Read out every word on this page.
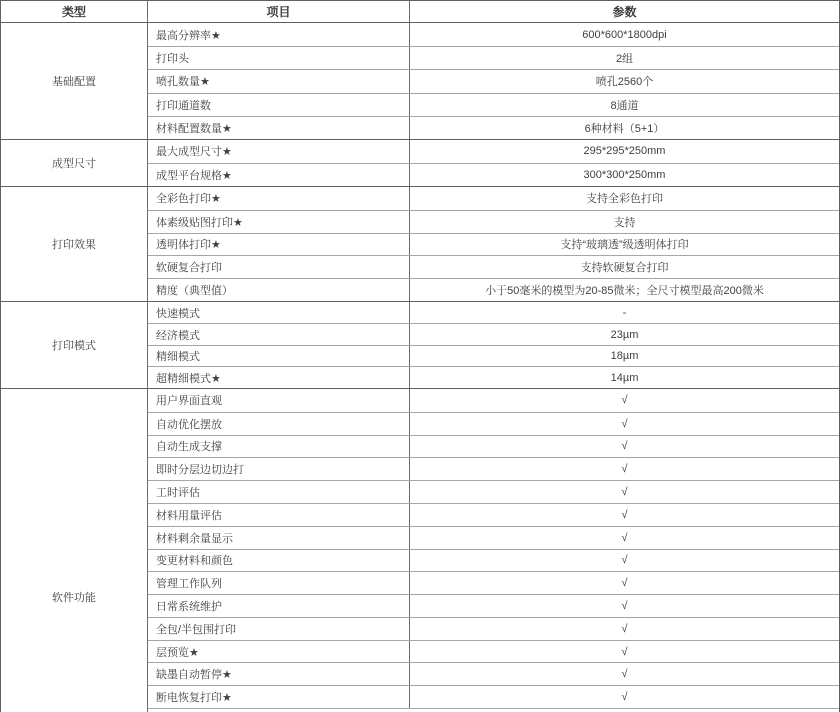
类型	项目	参数
基础配置
最高分辨率★	600*600*1800dpi
打印头	2组
喷孔数量★	喷孔2560个
打印通道数	8通道
材料配置数量★	6种材料（5+1）
成型尺寸
最大成型尺寸★	295*295*250mm
成型平台规格★	300*300*250mm
打印效果
全彩色打印★	支持全彩色打印
体素级贴图打印★	支持
透明体打印★	支持“玻璃透”级透明体打印
软硬复合打印	支持软硬复合打印
精度（典型值）	小于50毫米的模型为20-85微米；全尺寸模型最高200微米
打印模式
快速模式	-
经济模式	23µm
精细模式	18µm
超精细模式★	14µm
软件功能
用户界面直观	√
自动优化摆放	√
自动生成支撑	√
即时分层边切边打	√
工时评估	√
材料用量评估	√
材料剩余量显示	√
变更材料和颜色	√
管理工作队列	√
日常系统维护	√
全包/半包围打印	√
层预览★	√
缺墨自动暂停★	√
断电恢复打印★	√
